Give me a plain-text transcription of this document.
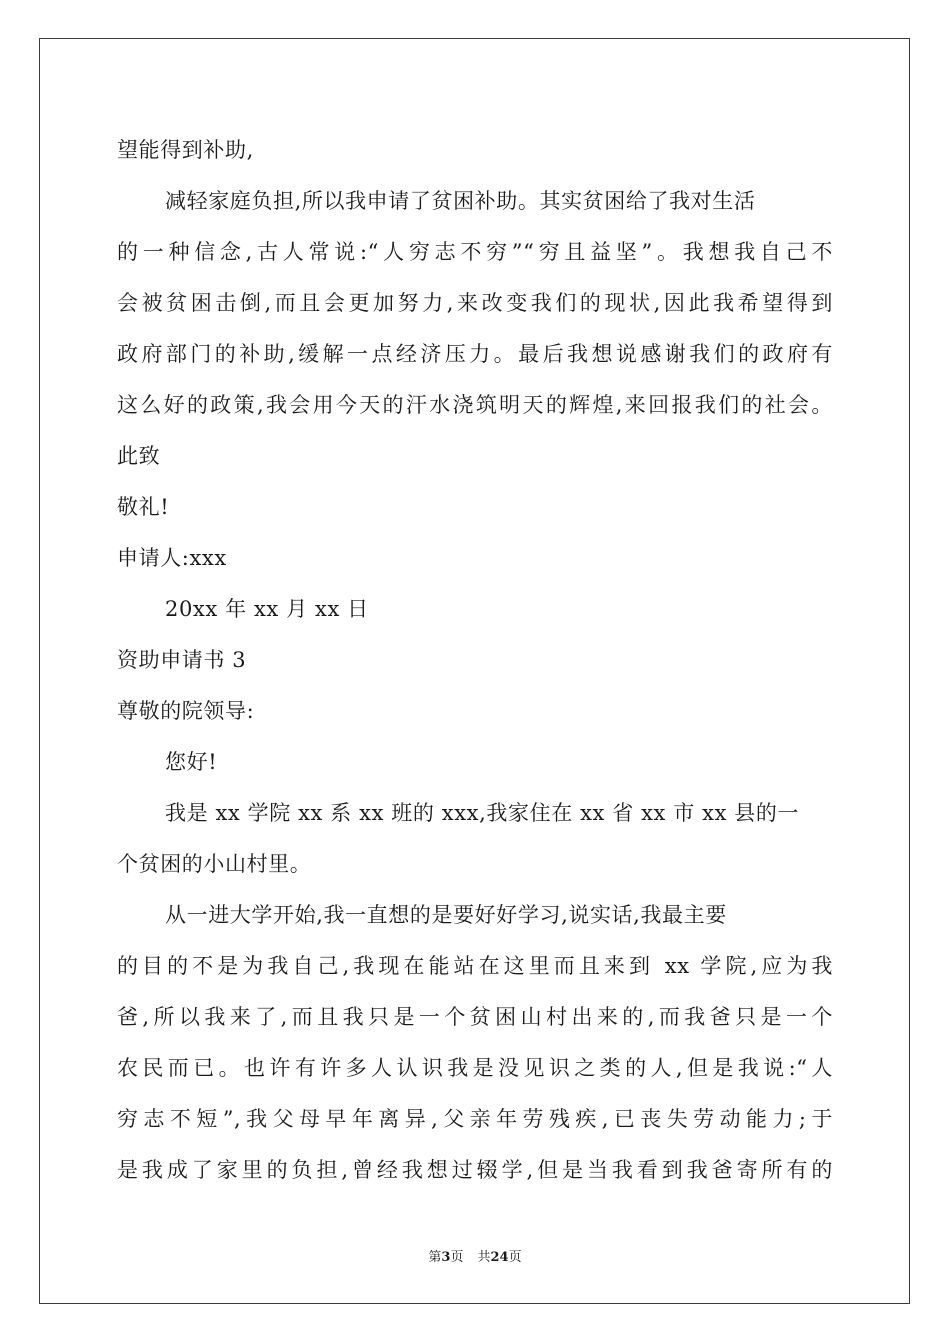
望能得到补助,
减轻家庭负担,所以我申请了贫困补助。其实贫困给了我对生活
的一种信念,古人常说:“人穷志不穷”“穷且益坚”。我想我自己不
会被贫困击倒,而且会更加努力,来改变我们的现状,因此我希望得到
政府部门的补助,缓解一点经济压力。最后我想说感谢我们的政府有
这么好的政策,我会用今天的汗水浇筑明天的辉煌,来回报我们的社会。
此致
敬礼!
申请人:xxx
20xx 年 xx 月 xx 日
资助申请书 3
尊敬的院领导:
您好!
我是 xx 学院 xx 系 xx 班的 xxx,我家住在 xx 省 xx 市 xx 县的一
个贫困的小山村里。
从一进大学开始,我一直想的是要好好学习,说实话,我最主要
的目的不是为我自己,我现在能站在这里而且来到 xx 学院,应为我
爸,所以我来了,而且我只是一个贫困山村出来的,而我爸只是一个
农民而已。也许有许多人认识我是没见识之类的人,但是我说:“人
穷志不短”,我父母早年离异,父亲年劳残疾,已丧失劳动能力;于
是我成了家里的负担,曾经我想过辍学,但是当我看到我爸寄所有的
第3页 共24页
